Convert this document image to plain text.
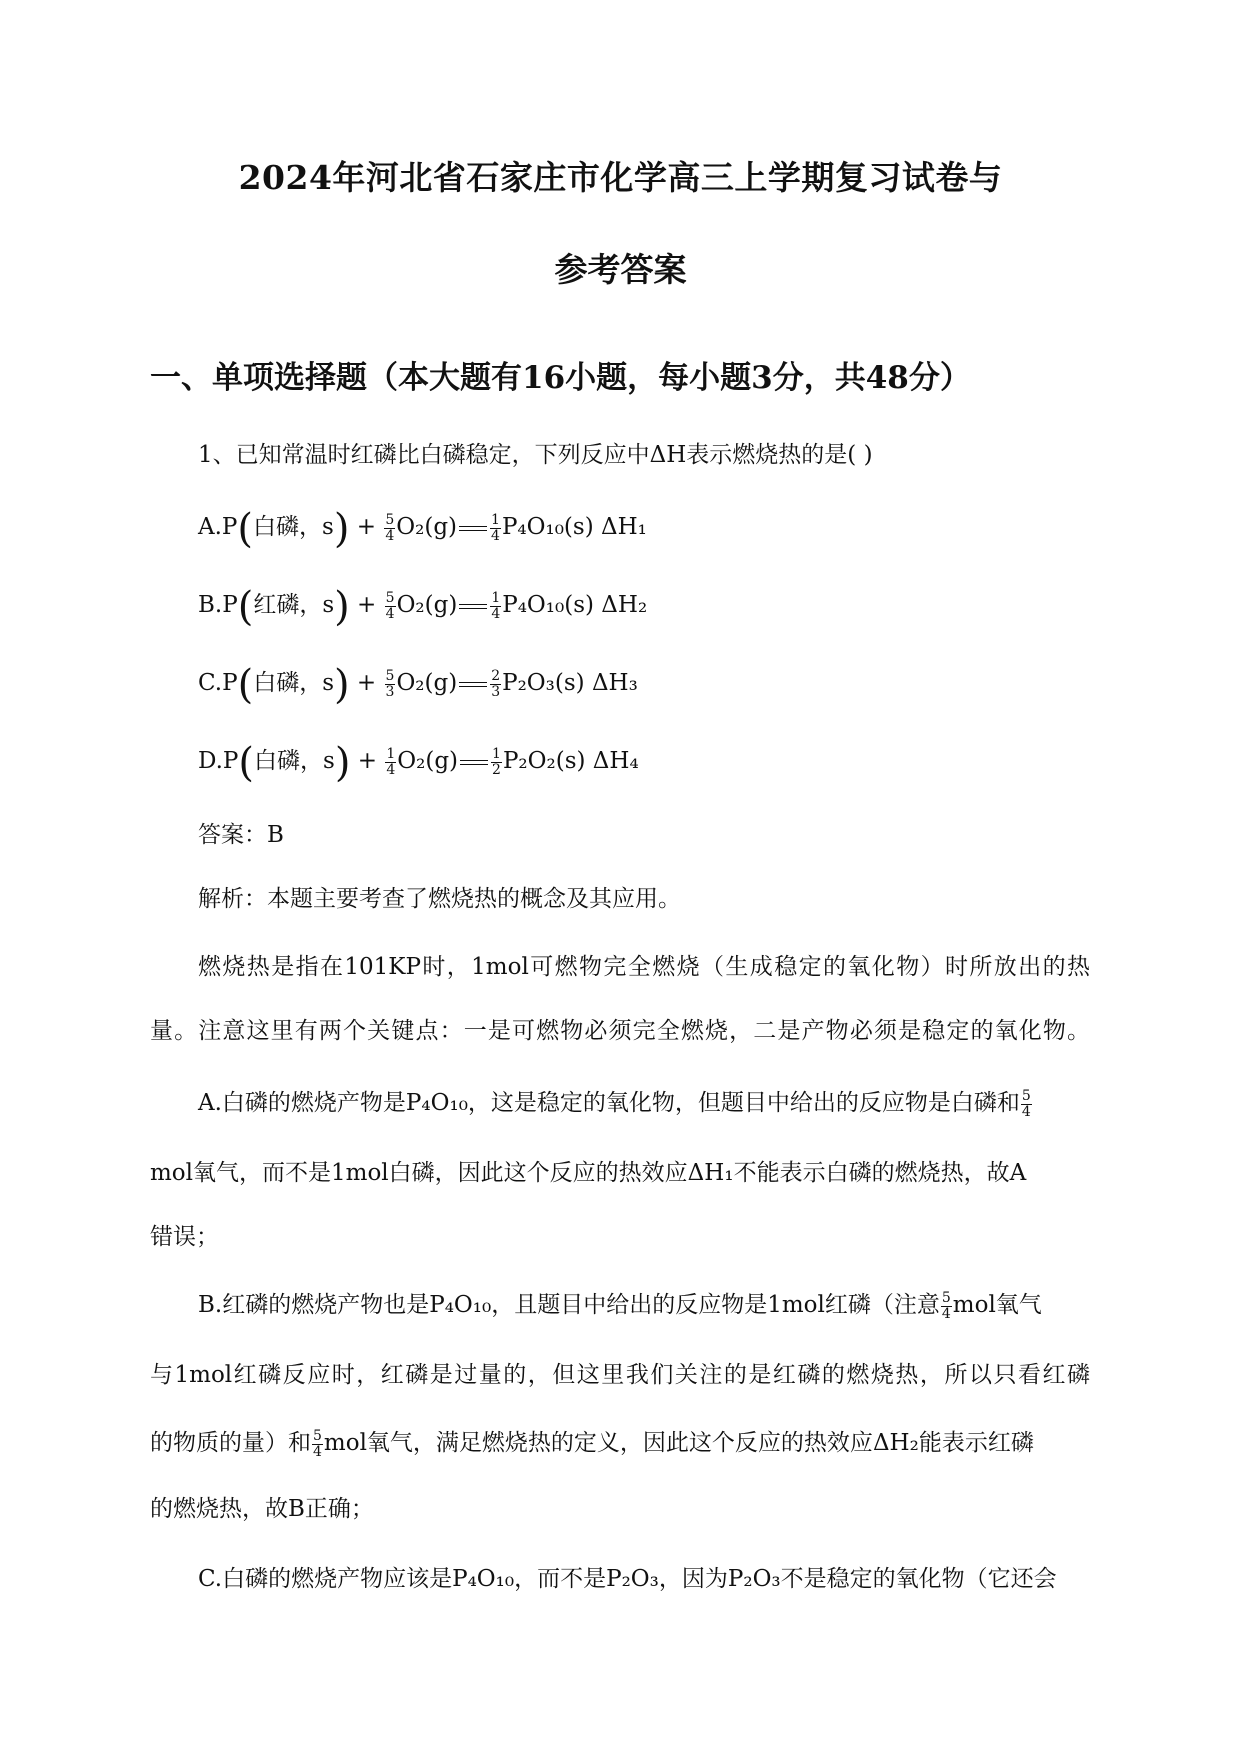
2024年河北省石家庄市化学高三上学期复习试卷与
参考答案
一、单项选择题（本大题有16小题，每小题3分，共48分）
1、已知常温时红磷比白磷稳定，下列反应中ΔH表示燃烧热的是( )
A.P(白磷，$s) + \frac{5}{4} O_2(g) \frac{1}{4} P_4O_{10}(s)$ ΔH₁
B.P(红磷，$s) + \frac{5}{4} O_2(g) \frac{1}{4} P_4O_{10}(s)$ ΔH₂
C.P(白磷，$s) + \frac{5}{3} O_2(g) \frac{2}{3} P_2O_3(s)$ ΔH₃
D.P(白磷，$s) + \frac{1}{4} O_2(g) \frac{1}{2} P_2O_2(s)$ ΔH₄
答案：B
解析：本题主要考查了燃烧热的概念及其应用。
燃烧热是指在101KP时，1mol可燃物完全燃烧（生成稳定的氧化物）时所放出的热
量。注意这里有两个关键点：一是可燃物必须完全燃烧，二是产物必须是稳定的氧化物。
A.白磷的燃烧产物是P₄O₁₀，这是稳定的氧化物，但题目中给出的反应物是白磷和 $\frac{5}{4}$
mol氧气，而不是1mol白磷，因此这个反应的热效应ΔH₁不能表示白磷的燃烧热，故A
错误；
B.红磷的燃烧产物也是P₄O₁₀，且题目中给出的反应物是1mol红磷（注意 $\frac{5}{4}$ mol氧气
与1mol红磷反应时，红磷是过量的，但这里我们关注的是红磷的燃烧热，所以只看红磷
的物质的量）和 $\frac{5}{4}$ mol氧气，满足燃烧热的定义，因此这个反应的热效应ΔH₂能表示红磷
的燃烧热，故B正确；
C.白磷的燃烧产物应该是P₄O₁₀，而不是P₂O₃，因为P₂O₃不是稳定的氧化物（它还会
